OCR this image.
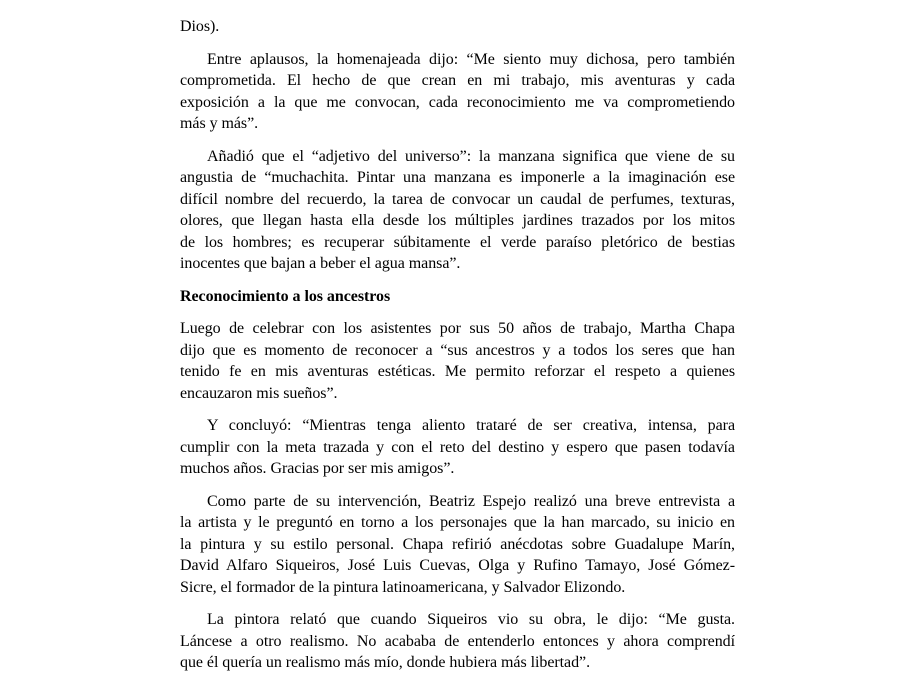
Dios).
Entre aplausos, la homenajeada dijo: “Me siento muy dichosa, pero también
comprometida. El hecho de que crean en mi trabajo, mis aventuras y cada
exposición a la que me convocan, cada reconocimiento me va comprometiendo
más y más”.
Añadió que el “adjetivo del universo”: la manzana significa que viene de su
angustia de “muchachita. Pintar una manzana es imponerle a la imaginación ese
difícil nombre del recuerdo, la tarea de convocar un caudal de perfumes, texturas,
olores, que llegan hasta ella desde los múltiples jardines trazados por los mitos
de los hombres; es recuperar súbitamente el verde paraíso pletórico de bestias
inocentes que bajan a beber el agua mansa”.
Reconocimiento a los ancestros
Luego de celebrar con los asistentes por sus 50 años de trabajo, Martha Chapa
dijo que es momento de reconocer a “sus ancestros y a todos los seres que han
tenido fe en mis aventuras estéticas. Me permito reforzar el respeto a quienes
encauzaron mis sueños”.
Y concluyó: “Mientras tenga aliento trataré de ser creativa, intensa, para
cumplir con la meta trazada y con el reto del destino y espero que pasen todavía
muchos años. Gracias por ser mis amigos”.
Como parte de su intervención, Beatriz Espejo realizó una breve entrevista a
la artista y le preguntó en torno a los personajes que la han marcado, su inicio en
la pintura y su estilo personal. Chapa refirió anécdotas sobre Guadalupe Marín,
David Alfaro Siqueiros, José Luis Cuevas, Olga y Rufino Tamayo, José Gómez-
Sicre, el formador de la pintura latinoamericana, y Salvador Elizondo.
La pintora relató que cuando Siqueiros vio su obra, le dijo: “Me gusta.
Láncese a otro realismo. No acababa de entenderlo entonces y ahora comprendí
que él quería un realismo más mío, donde hubiera más libertad”.
